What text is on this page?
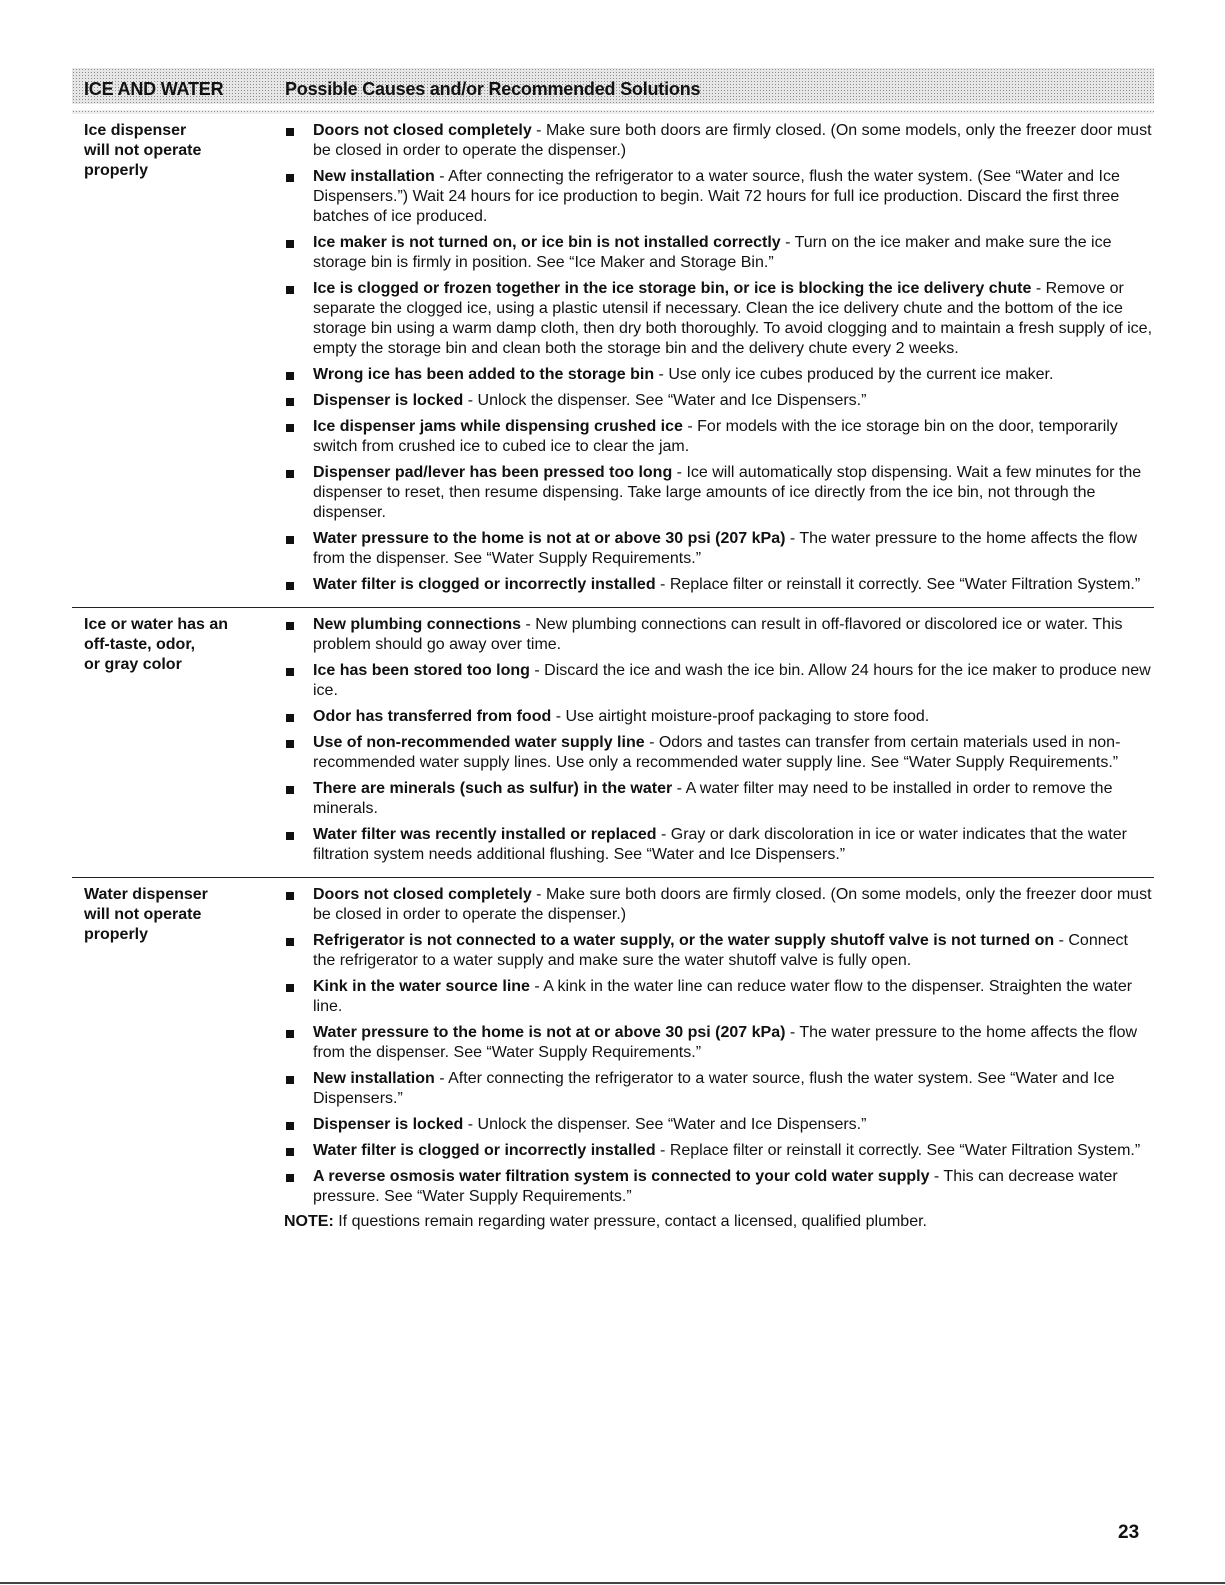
ICE AND WATER	Possible Causes and/or Recommended Solutions
Ice dispenser
will not operate
properly
Doors not closed completely - Make sure both doors are firmly closed. (On some models, only the freezer door must be closed in order to operate the dispenser.)
New installation - After connecting the refrigerator to a water source, flush the water system. (See “Water and Ice Dispensers.”) Wait 24 hours for ice production to begin. Wait 72 hours for full ice production. Discard the first three batches of ice produced.
Ice maker is not turned on, or ice bin is not installed correctly - Turn on the ice maker and make sure the ice storage bin is firmly in position. See “Ice Maker and Storage Bin.”
Ice is clogged or frozen together in the ice storage bin, or ice is blocking the ice delivery chute - Remove or separate the clogged ice, using a plastic utensil if necessary. Clean the ice delivery chute and the bottom of the ice storage bin using a warm damp cloth, then dry both thoroughly. To avoid clogging and to maintain a fresh supply of ice, empty the storage bin and clean both the storage bin and the delivery chute every 2 weeks.
Wrong ice has been added to the storage bin - Use only ice cubes produced by the current ice maker.
Dispenser is locked - Unlock the dispenser. See “Water and Ice Dispensers.”
Ice dispenser jams while dispensing crushed ice - For models with the ice storage bin on the door, temporarily switch from crushed ice to cubed ice to clear the jam.
Dispenser pad/lever has been pressed too long - Ice will automatically stop dispensing. Wait a few minutes for the dispenser to reset, then resume dispensing. Take large amounts of ice directly from the ice bin, not through the dispenser.
Water pressure to the home is not at or above 30 psi (207 kPa) - The water pressure to the home affects the flow from the dispenser. See “Water Supply Requirements.”
Water filter is clogged or incorrectly installed - Replace filter or reinstall it correctly. See “Water Filtration System.”
Ice or water has an
off-taste, odor,
or gray color
New plumbing connections - New plumbing connections can result in off-flavored or discolored ice or water. This problem should go away over time.
Ice has been stored too long - Discard the ice and wash the ice bin. Allow 24 hours for the ice maker to produce new ice.
Odor has transferred from food - Use airtight moisture-proof packaging to store food.
Use of non-recommended water supply line - Odors and tastes can transfer from certain materials used in non-recommended water supply lines. Use only a recommended water supply line. See “Water Supply Requirements.”
There are minerals (such as sulfur) in the water - A water filter may need to be installed in order to remove the minerals.
Water filter was recently installed or replaced - Gray or dark discoloration in ice or water indicates that the water filtration system needs additional flushing. See “Water and Ice Dispensers.”
Water dispenser
will not operate
properly
Doors not closed completely - Make sure both doors are firmly closed. (On some models, only the freezer door must be closed in order to operate the dispenser.)
Refrigerator is not connected to a water supply, or the water supply shutoff valve is not turned on - Connect the refrigerator to a water supply and make sure the water shutoff valve is fully open.
Kink in the water source line - A kink in the water line can reduce water flow to the dispenser. Straighten the water line.
Water pressure to the home is not at or above 30 psi (207 kPa) - The water pressure to the home affects the flow from the dispenser. See “Water Supply Requirements.”
New installation - After connecting the refrigerator to a water source, flush the water system. See “Water and Ice Dispensers.”
Dispenser is locked - Unlock the dispenser. See “Water and Ice Dispensers.”
Water filter is clogged or incorrectly installed - Replace filter or reinstall it correctly. See “Water Filtration System.”
A reverse osmosis water filtration system is connected to your cold water supply - This can decrease water pressure. See “Water Supply Requirements.”
NOTE: If questions remain regarding water pressure, contact a licensed, qualified plumber.
23
